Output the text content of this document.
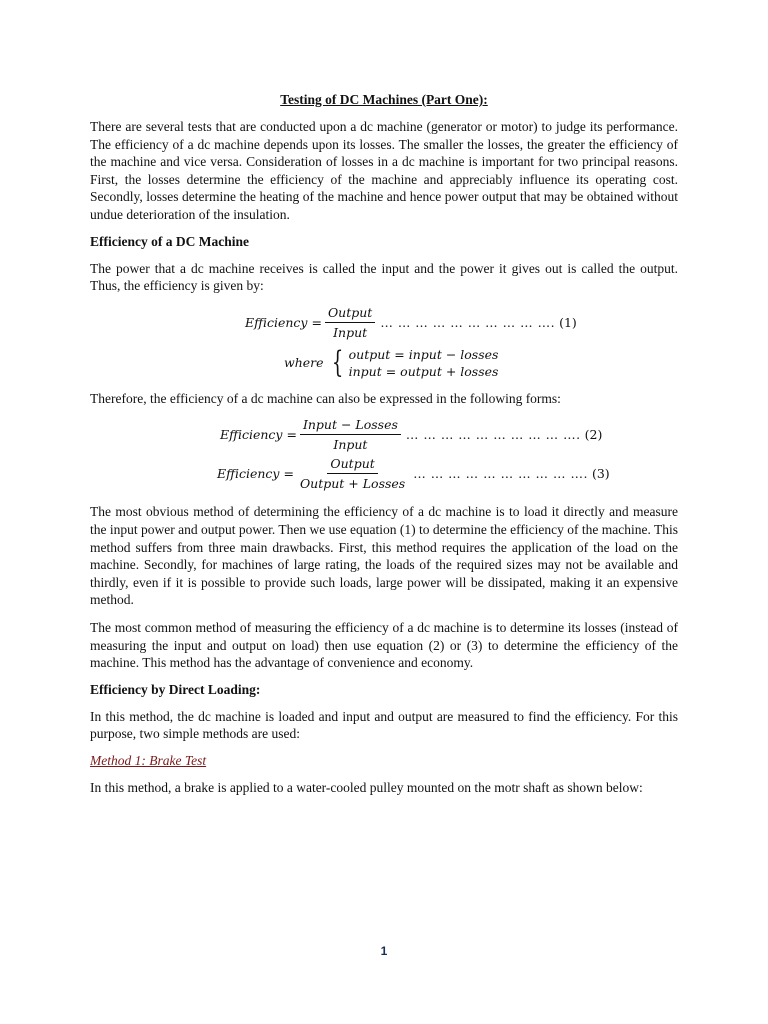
Testing of DC Machines (Part One):

There are several tests that are conducted upon a dc machine (generator or motor) to judge its performance. The efficiency of a dc machine depends upon its losses. The smaller the losses, the greater the efficiency of the machine and vice versa. Consideration of losses in a dc machine is important for two principal reasons. First, the losses determine the efficiency of the machine and appreciably influence its operating cost. Secondly, losses determine the heating of the machine and hence power output that may be obtained without undue deterioration of the insulation.

Efficiency of a DC Machine

The power that a dc machine receives is called the input and the power it gives out is called the output. Thus, the efficiency is given by:

Efficiency = $\frac{\text{Output}}{\text{Input}}$ … … … … … … … … … …. (1)
where { output = input − losses
input = output + losses

Therefore, the efficiency of a dc machine can also be expressed in the following forms:

Efficiency = $\frac{\text{Input − Losses}}{\text{Input}}$ … … … … … … … … … …. (2)
Efficiency = $\frac{\text{Output}}{\text{Output + Losses}}$ … … … … … … … … … …. (3)

The most obvious method of determining the efficiency of a dc machine is to load it directly and measure the input power and output power. Then we use equation (1) to determine the efficiency of the machine. This method suffers from three main drawbacks. First, this method requires the application of the load on the machine. Secondly, for machines of large rating, the loads of the required sizes may not be available and thirdly, even if it is possible to provide such loads, large power will be dissipated, making it an expensive method.

The most common method of measuring the efficiency of a dc machine is to determine its losses (instead of measuring the input and output on load) then use equation (2) or (3) to determine the efficiency of the machine. This method has the advantage of convenience and economy.

Efficiency by Direct Loading:

In this method, the dc machine is loaded and input and output are measured to find the efficiency. For this purpose, two simple methods are used:

Method 1: Brake Test

In this method, a brake is applied to a water-cooled pulley mounted on the motr shaft as shown below:

1
